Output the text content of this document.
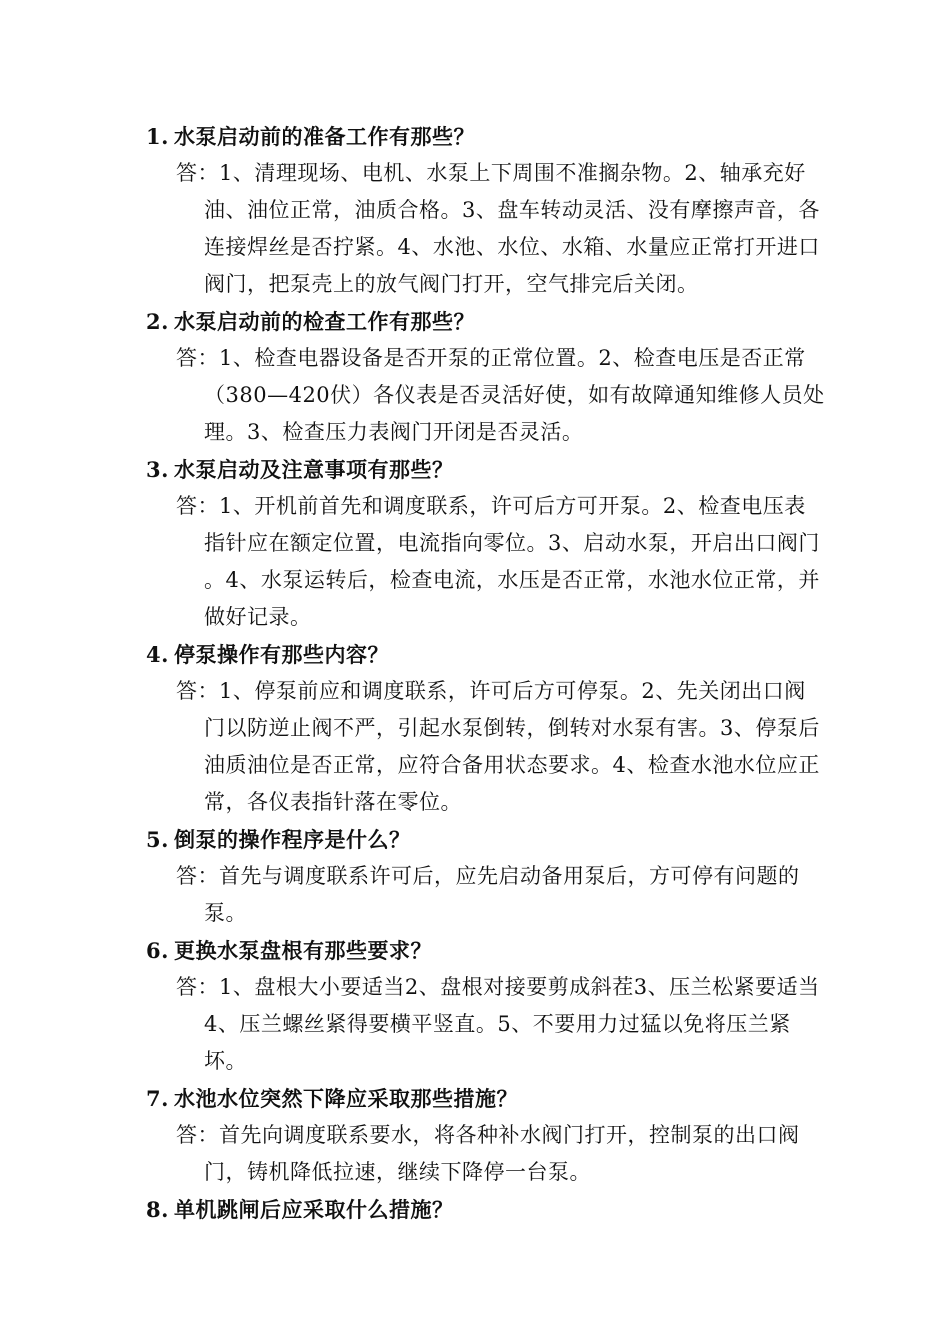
1. 水泵启动前的准备工作有那些？
答：1、清理现场、电机、水泵上下周围不准搁杂物。2、轴承充好油、油位正常，油质合格。3、盘车转动灵活、没有摩擦声音，各连接焊丝是否拧紧。4、水池、水位、水箱、水量应正常打开进口阀门，把泵壳上的放气阀门打开，空气排完后关闭。
2. 水泵启动前的检查工作有那些？
答：1、检查电器设备是否开泵的正常位置。2、检查电压是否正常（380—420伏）各仪表是否灵活好使，如有故障通知维修人员处理。3、检查压力表阀门开闭是否灵活。
3. 水泵启动及注意事项有那些？
答：1、开机前首先和调度联系，许可后方可开泵。2、检查电压表指针应在额定位置，电流指向零位。3、启动水泵，开启出口阀门 。4、水泵运转后，检查电流，水压是否正常，水池水位正常，并做好记录。
4. 停泵操作有那些内容？
答：1、停泵前应和调度联系，许可后方可停泵。2、先关闭出口阀门以防逆止阀不严，引起水泵倒转，倒转对水泵有害。3、停泵后油质油位是否正常，应符合备用状态要求。4、检查水池水位应正常，各仪表指针落在零位。
5. 倒泵的操作程序是什么？
答：首先与调度联系许可后，应先启动备用泵后，方可停有问题的泵。
6. 更换水泵盘根有那些要求？
答：1、盘根大小要适当2、盘根对接要剪成斜茬3、压兰松紧要适当4、压兰螺丝紧得要横平竖直。5、不要用力过猛以免将压兰紧坏。
7. 水池水位突然下降应采取那些措施？
答：首先向调度联系要水，将各种补水阀门打开，控制泵的出口阀门，铸机降低拉速，继续下降停一台泵。
8. 单机跳闸后应采取什么措施？
